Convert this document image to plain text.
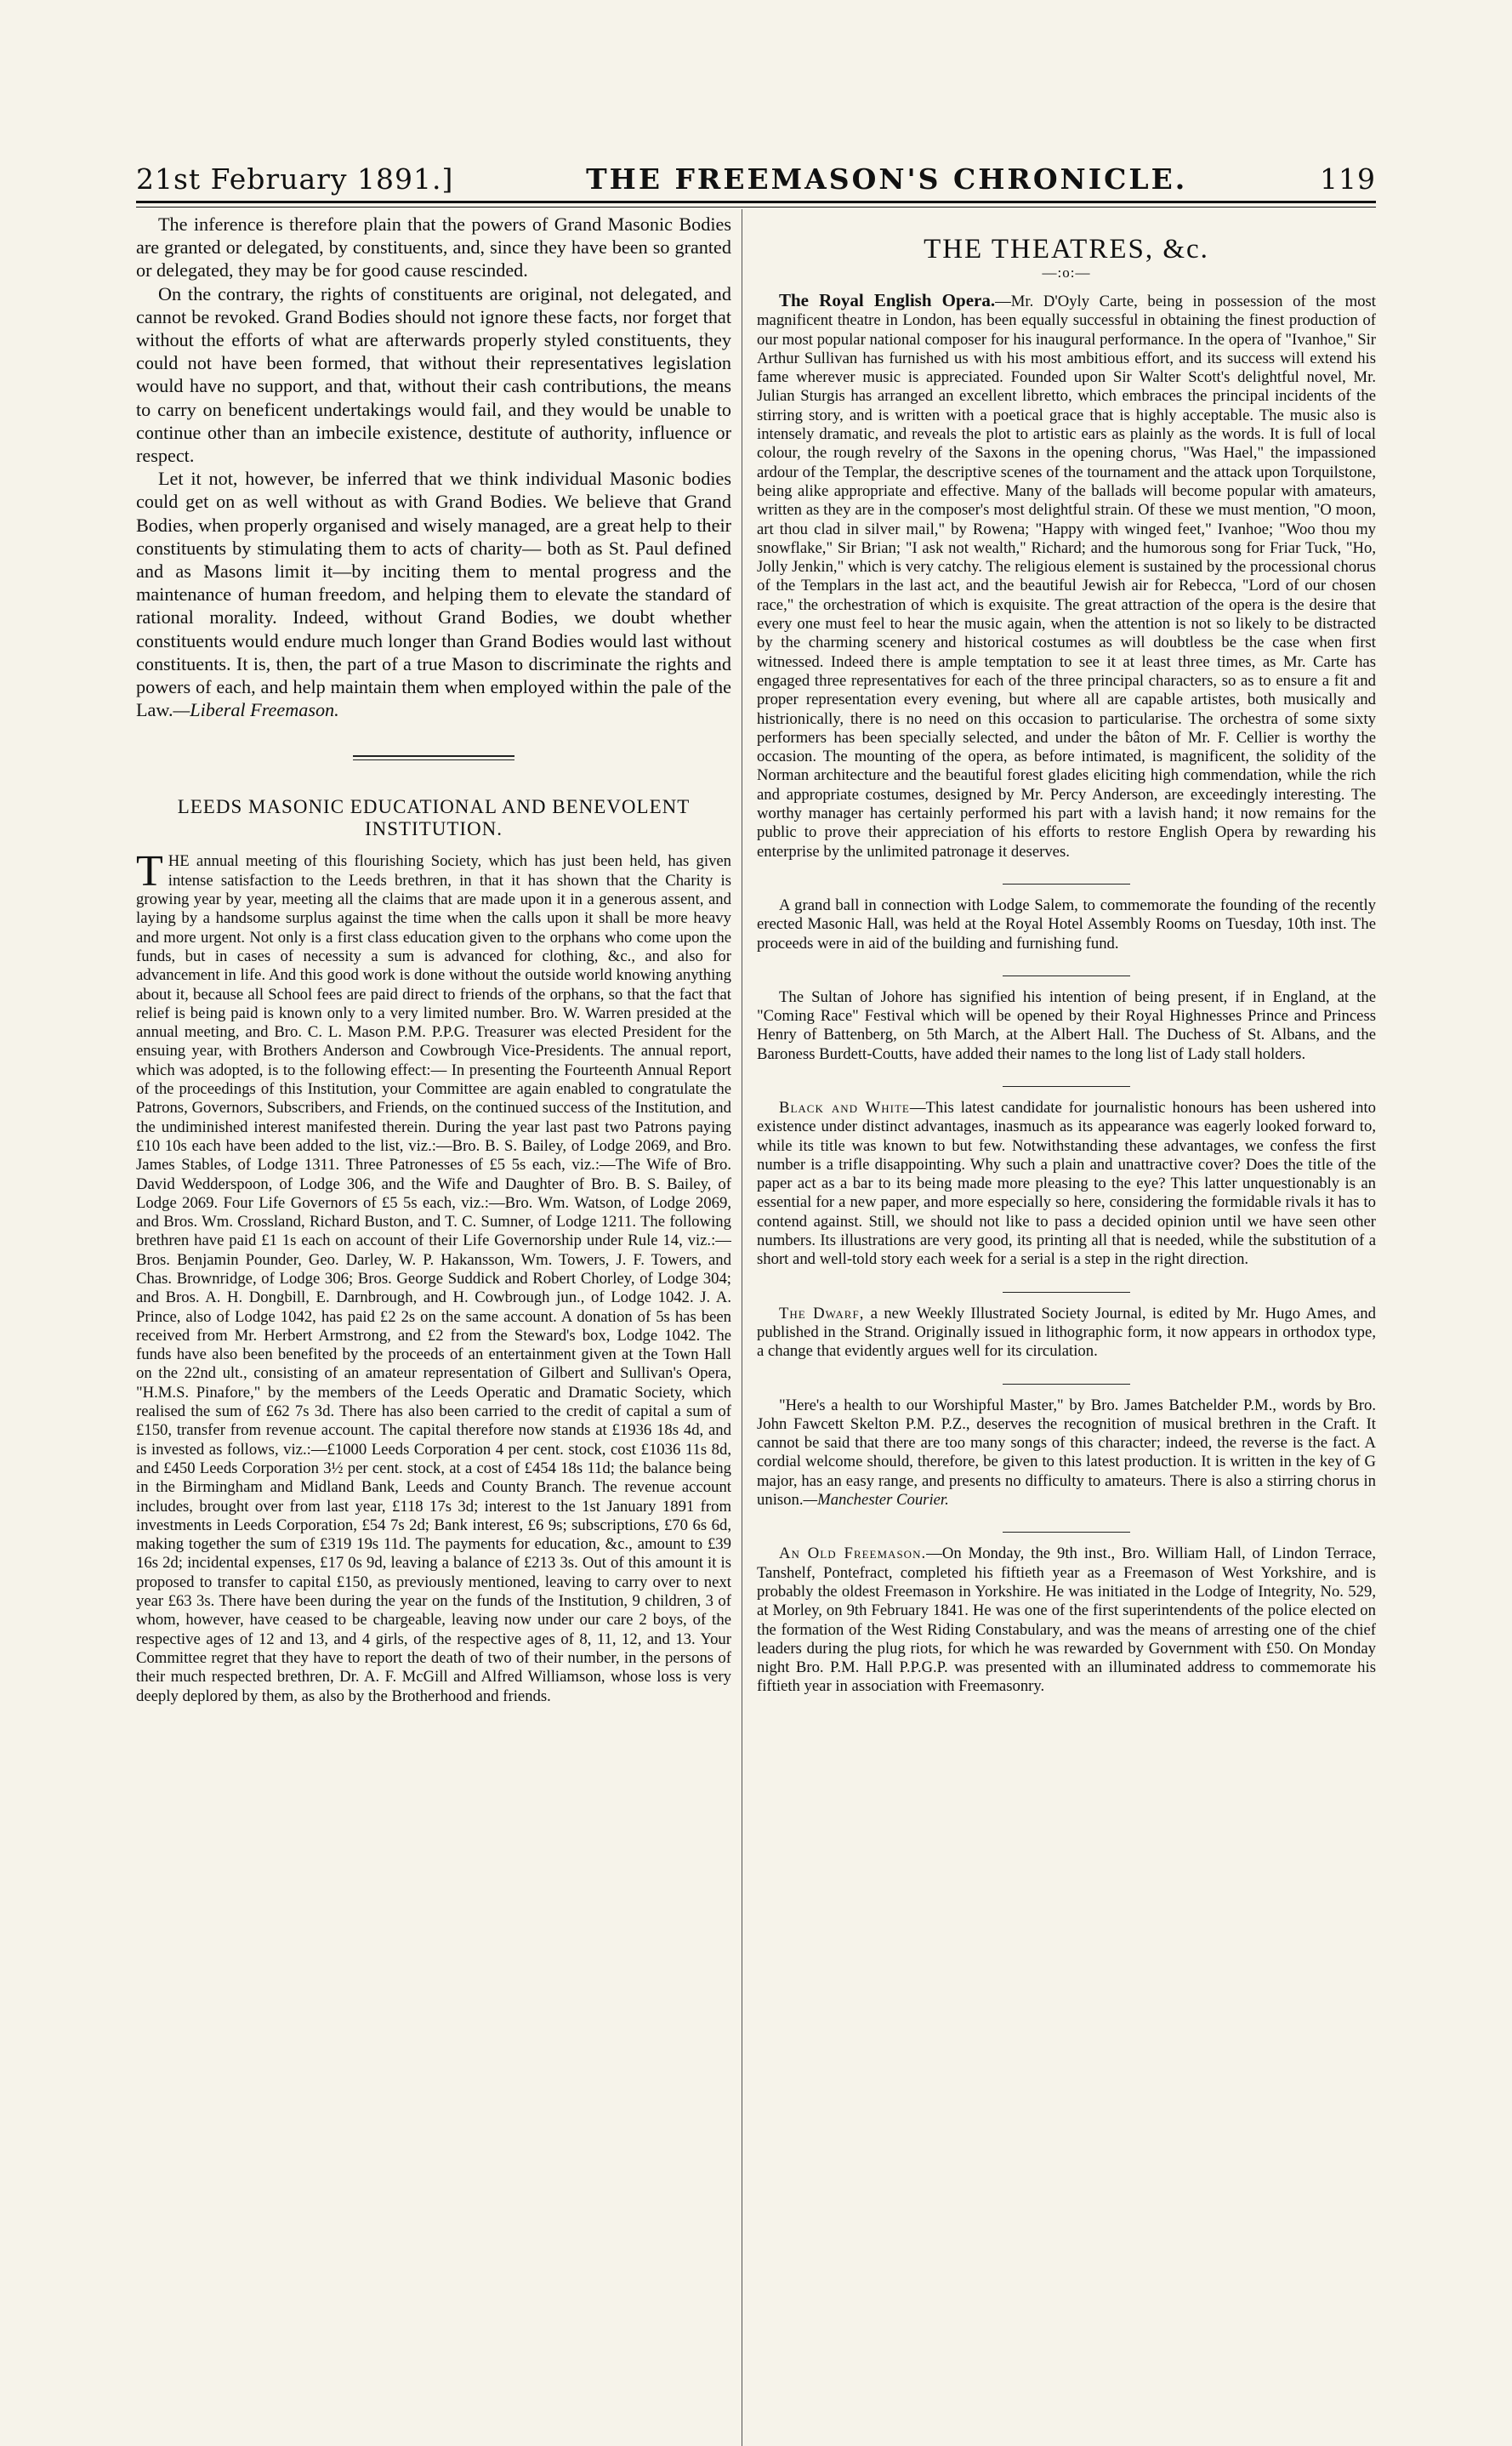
21st February 1891.]	THE FREEMASON'S CHRONICLE.	119

The inference is therefore plain that the powers of Grand Masonic Bodies are granted or delegated, by constituents, and, since they have been so granted or delegated, they may be for good cause rescinded.

On the contrary, the rights of constituents are original, not delegated, and cannot be revoked. Grand Bodies should not ignore these facts, nor forget that without the efforts of what are afterwards properly styled constituents, they could not have been formed, that without their representatives legislation would have no support, and that, without their cash contributions, the means to carry on beneficent undertakings would fail, and they would be unable to continue other than an imbecile existence, destitute of authority, influence or respect.

Let it not, however, be inferred that we think individual Masonic bodies could get on as well without as with Grand Bodies. We believe that Grand Bodies, when properly organised and wisely managed, are a great help to their constituents by stimulating them to acts of charity— both as St. Paul defined and as Masons limit it—by inciting them to mental progress and the maintenance of human freedom, and helping them to elevate the standard of rational morality. Indeed, without Grand Bodies, we doubt whether constituents would endure much longer than Grand Bodies would last without constituents. It is, then, the part of a true Mason to discriminate the rights and powers of each, and help maintain them when employed within the pale of the Law.—Liberal Freemason.

LEEDS MASONIC EDUCATIONAL AND BENEVOLENT INSTITUTION.

THE annual meeting of this flourishing Society, which has just been held, has given intense satisfaction to the Leeds brethren, in that it has shown that the Charity is growing year by year, meeting all the claims that are made upon it in a generous assent, and laying by a handsome surplus against the time when the calls upon it shall be more heavy and more urgent. Not only is a first class education given to the orphans who come upon the funds, but in cases of necessity a sum is advanced for clothing, &c., and also for advancement in life. And this good work is done without the outside world knowing anything about it, because all School fees are paid direct to friends of the orphans, so that the fact that relief is being paid is known only to a very limited number. Bro. W. Warren presided at the annual meeting, and Bro. C. L. Mason P.M. P.P.G. Treasurer was elected President for the ensuing year, with Brothers Anderson and Cowbrough Vice-Presidents. The annual report, which was adopted, is to the following effect:— In presenting the Fourteenth Annual Report of the proceedings of this Institution, your Committee are again enabled to congratulate the Patrons, Governors, Subscribers, and Friends, on the continued success of the Institution, and the undiminished interest manifested therein. During the year last past two Patrons paying £10 10s each have been added to the list, viz.:—Bro. B. S. Bailey, of Lodge 2069, and Bro. James Stables, of Lodge 1311. Three Patronesses of £5 5s each, viz.:—The Wife of Bro. David Wedderspoon, of Lodge 306, and the Wife and Daughter of Bro. B. S. Bailey, of Lodge 2069. Four Life Governors of £5 5s each, viz.:—Bro. Wm. Watson, of Lodge 2069, and Bros. Wm. Crossland, Richard Buston, and T. C. Sumner, of Lodge 1211. The following brethren have paid £1 1s each on account of their Life Governorship under Rule 14, viz.:—Bros. Benjamin Pounder, Geo. Darley, W. P. Hakansson, Wm. Towers, J. F. Towers, and Chas. Brownridge, of Lodge 306; Bros. George Suddick and Robert Chorley, of Lodge 304; and Bros. A. H. Dongbill, E. Darnbrough, and H. Cowbrough jun., of Lodge 1042. J. A. Prince, also of Lodge 1042, has paid £2 2s on the same account. A donation of 5s has been received from Mr. Herbert Armstrong, and £2 from the Steward's box, Lodge 1042. The funds have also been benefited by the proceeds of an entertainment given at the Town Hall on the 22nd ult., consisting of an amateur representation of Gilbert and Sullivan's Opera, "H.M.S. Pinafore," by the members of the Leeds Operatic and Dramatic Society, which realised the sum of £62 7s 3d. There has also been carried to the credit of capital a sum of £150, transfer from revenue account. The capital therefore now stands at £1936 18s 4d, and is invested as follows, viz.:—£1000 Leeds Corporation 4 per cent. stock, cost £1036 11s 8d, and £450 Leeds Corporation 3½ per cent. stock, at a cost of £454 18s 11d; the balance being in the Birmingham and Midland Bank, Leeds and County Branch. The revenue account includes, brought over from last year, £118 17s 3d; interest to the 1st January 1891 from investments in Leeds Corporation, £54 7s 2d; Bank interest, £6 9s; subscriptions, £70 6s 6d, making together the sum of £319 19s 11d. The payments for education, &c., amount to £39 16s 2d; incidental expenses, £17 0s 9d, leaving a balance of £213 3s. Out of this amount it is proposed to transfer to capital £150, as previously mentioned, leaving to carry over to next year £63 3s. There have been during the year on the funds of the Institution, 9 children, 3 of whom, however, have ceased to be chargeable, leaving now under our care 2 boys, of the respective ages of 12 and 13, and 4 girls, of the respective ages of 8, 11, 12, and 13. Your Committee regret that they have to report the death of two of their number, in the persons of their much respected brethren, Dr. A. F. McGill and Alfred Williamson, whose loss is very deeply deplored by them, as also by the Brotherhood and friends.

THE THEATRES, &c.
—:o:—

The Royal English Opera.—Mr. D'Oyly Carte, being in possession of the most magnificent theatre in London, has been equally successful in obtaining the finest production of our most popular national composer for his inaugural performance. In the opera of "Ivanhoe," Sir Arthur Sullivan has furnished us with his most ambitious effort, and its success will extend his fame wherever music is appreciated. Founded upon Sir Walter Scott's delightful novel, Mr. Julian Sturgis has arranged an excellent libretto, which embraces the principal incidents of the stirring story, and is written with a poetical grace that is highly acceptable. The music also is intensely dramatic, and reveals the plot to artistic ears as plainly as the words. It is full of local colour, the rough revelry of the Saxons in the opening chorus, "Was Hael," the impassioned ardour of the Templar, the descriptive scenes of the tournament and the attack upon Torquilstone, being alike appropriate and effective. Many of the ballads will become popular with amateurs, written as they are in the composer's most delightful strain. Of these we must mention, "O moon, art thou clad in silver mail," by Rowena; "Happy with winged feet," Ivanhoe; "Woo thou my snowflake," Sir Brian; "I ask not wealth," Richard; and the humorous song for Friar Tuck, "Ho, Jolly Jenkin," which is very catchy. The religious element is sustained by the processional chorus of the Templars in the last act, and the beautiful Jewish air for Rebecca, "Lord of our chosen race," the orchestration of which is exquisite. The great attraction of the opera is the desire that every one must feel to hear the music again, when the attention is not so likely to be distracted by the charming scenery and historical costumes as will doubtless be the case when first witnessed. Indeed there is ample temptation to see it at least three times, as Mr. Carte has engaged three representatives for each of the three principal characters, so as to ensure a fit and proper representation every evening, but where all are capable artistes, both musically and histrionically, there is no need on this occasion to particularise. The orchestra of some sixty performers has been specially selected, and under the bâton of Mr. F. Cellier is worthy the occasion. The mounting of the opera, as before intimated, is magnificent, the solidity of the Norman architecture and the beautiful forest glades eliciting high commendation, while the rich and appropriate costumes, designed by Mr. Percy Anderson, are exceedingly interesting. The worthy manager has certainly performed his part with a lavish hand; it now remains for the public to prove their appreciation of his efforts to restore English Opera by rewarding his enterprise by the unlimited patronage it deserves.

A grand ball in connection with Lodge Salem, to commemorate the founding of the recently erected Masonic Hall, was held at the Royal Hotel Assembly Rooms on Tuesday, 10th inst. The proceeds were in aid of the building and furnishing fund.

The Sultan of Johore has signified his intention of being present, if in England, at the "Coming Race" Festival which will be opened by their Royal Highnesses Prince and Princess Henry of Battenberg, on 5th March, at the Albert Hall. The Duchess of St. Albans, and the Baroness Burdett-Coutts, have added their names to the long list of Lady stall holders.

Black and White—This latest candidate for journalistic honours has been ushered into existence under distinct advantages, inasmuch as its appearance was eagerly looked forward to, while its title was known to but few. Notwithstanding these advantages, we confess the first number is a trifle disappointing. Why such a plain and unattractive cover? Does the title of the paper act as a bar to its being made more pleasing to the eye? This latter unquestionably is an essential for a new paper, and more especially so here, considering the formidable rivals it has to contend against. Still, we should not like to pass a decided opinion until we have seen other numbers. Its illustrations are very good, its printing all that is needed, while the substitution of a short and well-told story each week for a serial is a step in the right direction.

The Dwarf, a new Weekly Illustrated Society Journal, is edited by Mr. Hugo Ames, and published in the Strand. Originally issued in lithographic form, it now appears in orthodox type, a change that evidently argues well for its circulation.

"Here's a health to our Worshipful Master," by Bro. James Batchelder P.M., words by Bro. John Fawcett Skelton P.M. P.Z., deserves the recognition of musical brethren in the Craft. It cannot be said that there are too many songs of this character; indeed, the reverse is the fact. A cordial welcome should, therefore, be given to this latest production. It is written in the key of G major, has an easy range, and presents no difficulty to amateurs. There is also a stirring chorus in unison.—Manchester Courier.

An Old Freemason.—On Monday, the 9th inst., Bro. William Hall, of Lindon Terrace, Tanshelf, Pontefract, completed his fiftieth year as a Freemason of West Yorkshire, and is probably the oldest Freemason in Yorkshire. He was initiated in the Lodge of Integrity, No. 529, at Morley, on 9th February 1841. He was one of the first superintendents of the police elected on the formation of the West Riding Constabulary, and was the means of arresting one of the chief leaders during the plug riots, for which he was rewarded by Government with £50. On Monday night Bro. P.M. Hall P.P.G.P. was presented with an illuminated address to commemorate his fiftieth year in association with Freemasonry.
